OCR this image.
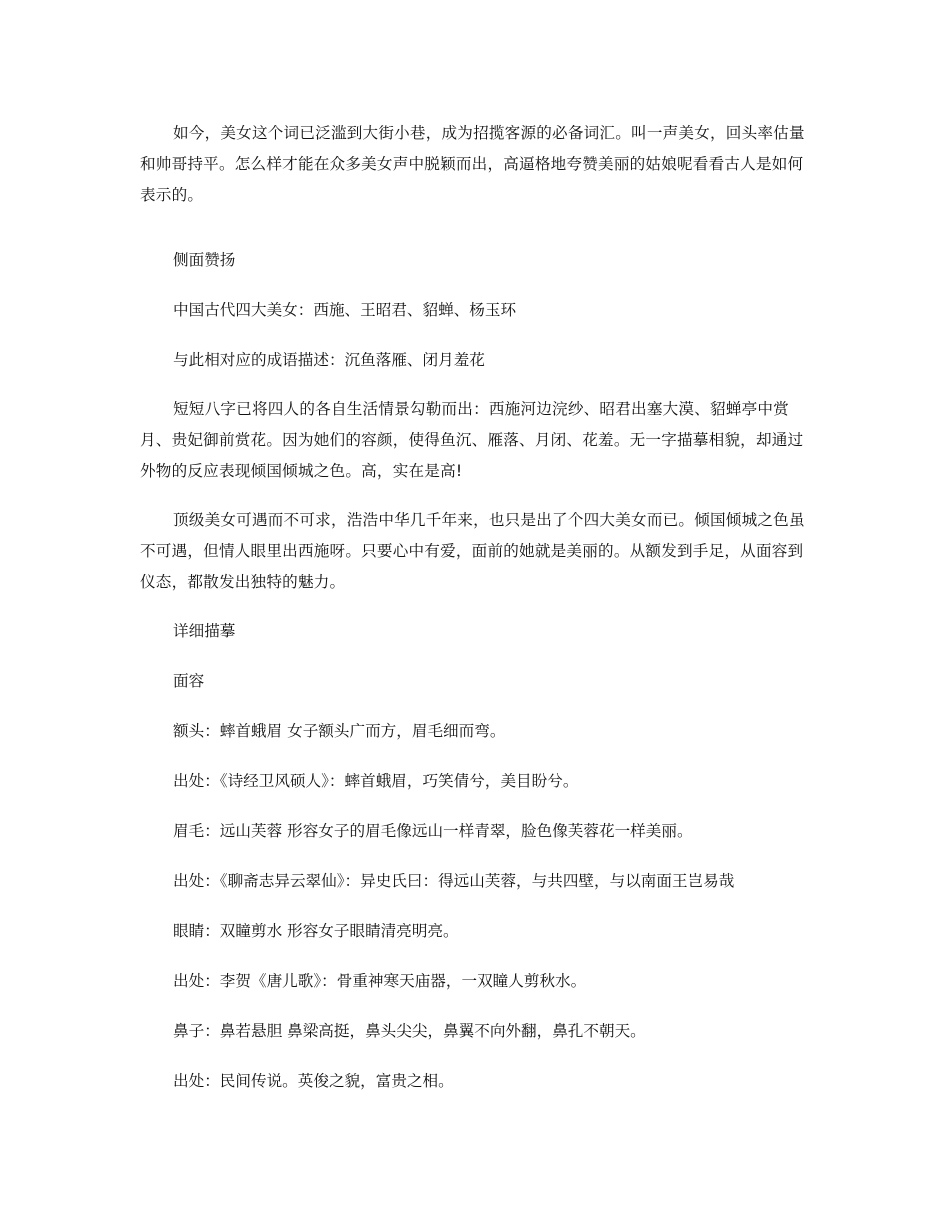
如今，美女这个词已泛滥到大街小巷，成为招揽客源的必备词汇。叫一声美女，回头率估量和帅哥持平。怎么样才能在众多美女声中脱颖而出，高逼格地夸赞美丽的姑娘呢看看古人是如何表示的。

侧面赞扬

中国古代四大美女：西施、王昭君、貂蝉、杨玉环

与此相对应的成语描述：沉鱼落雁、闭月羞花

短短八字已将四人的各自生活情景勾勒而出：西施河边浣纱、昭君出塞大漠、貂蝉亭中赏月、贵妃御前赏花。因为她们的容颜，使得鱼沉、雁落、月闭、花羞。无一字描摹相貌，却通过外物的反应表现倾国倾城之色。高，实在是高!

顶级美女可遇而不可求，浩浩中华几千年来，也只是出了个四大美女而已。倾国倾城之色虽不可遇，但情人眼里出西施呀。只要心中有爱，面前的她就是美丽的。从额发到手足，从面容到仪态，都散发出独特的魅力。

详细描摹

面容

额头：蟀首蛾眉 女子额头广而方，眉毛细而弯。

出处：《诗经卫风硕人》：蟀首蛾眉，巧笑倩兮，美目盼兮。

眉毛：远山芙蓉 形容女子的眉毛像远山一样青翠，脸色像芙蓉花一样美丽。

出处：《聊斋志异云翠仙》：异史氏曰：得远山芙蓉，与共四壁，与以南面王岂易哉

眼睛：双瞳剪水 形容女子眼睛清亮明亮。

出处：李贺《唐儿歌》：骨重神寒天庙器，一双瞳人剪秋水。

鼻子：鼻若悬胆 鼻梁高挺，鼻头尖尖，鼻翼不向外翻，鼻孔不朝天。

出处：民间传说。英俊之貌，富贵之相。
